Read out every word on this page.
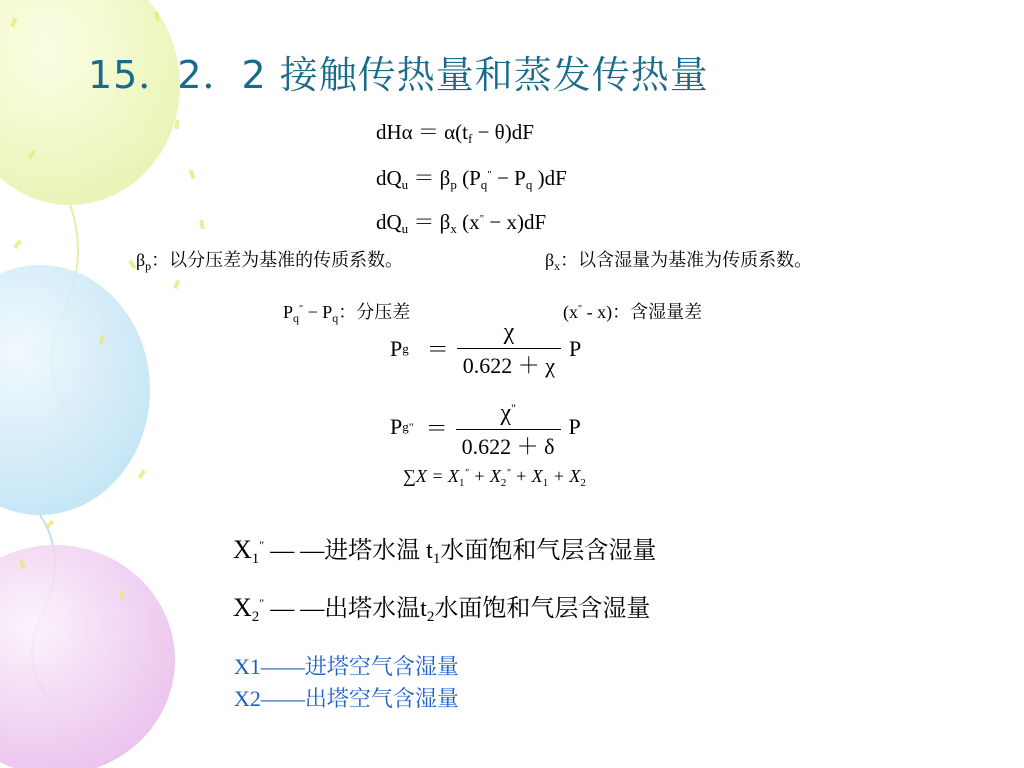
15．2．2 接触传热量和蒸发传热量
$dH\alpha = \alpha(t_f - \theta)dF$
$dQ_u = \beta_p$ ($P_q^" - P_q$ )dF
$dQ_u = \beta_x$ (x" − x)dF
$\beta_p$：以分压差为基准的传质系数。	$\beta_x$：以含湿量为基准为传质系数。
$P_q^" - P_q$：分压差	(x" - x)：含湿量差
P $g = \frac{\chi}{0.622 + \chi}$ P
P g " ＝ $\frac{\chi^"}{0.622 + \delta}$ P
$\sum X = X_1^" + X_2^" + X_1 + X_2$
$X_1^"$ — —进塔水温 $t_1$水面饱和气层含湿量
$X_2^"$ — —出塔水温$t_2$水面饱和气层含湿量
X1——进塔空气含湿量
X2——出塔空气含湿量
